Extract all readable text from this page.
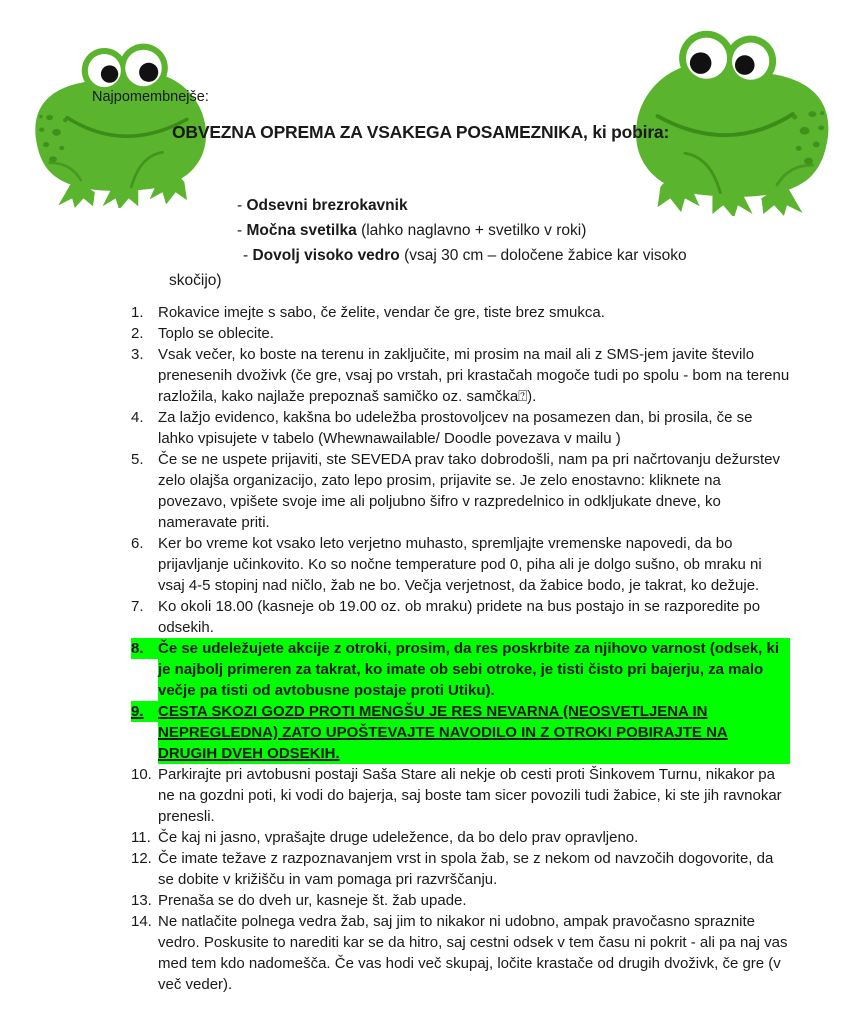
Najpomembnejše:
OBVEZNA OPREMA ZA VSAKEGA POSAMEZNIKA, ki pobira:
- Odsevni brezrokavnik
- Močna svetilka (lahko naglavno + svetilko v roki)
- Dovolj visoko vedro (vsaj 30 cm – določene žabice kar visoko
skočijo)
1. Rokavice imejte s sabo, če želite, vendar če gre, tiste brez smukca.
2. Toplo se oblecite.
3. Vsak večer, ko boste na terenu in zaključite, mi prosim na mail ali z SMS-jem javite število prenesenih dvoživk (če gre, vsaj po vrstah, pri krastačah mogoče tudi po spolu - bom na terenu razložila, kako najlaže prepoznaš samičko oz. samčka⍰).
4. Za lažjo evidenco, kakšna bo udeležba prostovoljcev na posamezen dan, bi prosila, če se lahko vpisujete v tabelo (Whewnawailable/ Doodle povezava v mailu )
5. Če se ne uspete prijaviti, ste SEVEDA prav tako dobrodošli, nam pa pri načrtovanju dežurstev zelo olajša organizacijo, zato lepo prosim, prijavite se. Je zelo enostavno: kliknete na povezavo, vpišete svoje ime ali poljubno šifro v razpredelnico in odkljukate dneve, ko nameravate priti.
6. Ker bo vreme kot vsako leto verjetno muhasto, spremljajte vremenske napovedi, da bo prijavljanje učinkovito. Ko so nočne temperature pod 0, piha ali je dolgo sušno, ob mraku ni vsaj 4-5 stopinj nad ničlo, žab ne bo. Večja verjetnost, da žabice bodo, je takrat, ko dežuje.
7. Ko okoli 18.00 (kasneje ob 19.00 oz. ob mraku) pridete na bus postajo in se razporedite po odsekih.
8. Če se udeležujete akcije z otroki, prosim, da res poskrbite za njihovo varnost (odsek, ki je najbolj primeren za takrat, ko imate ob sebi otroke, je tisti čisto pri bajerju, za malo večje pa tisti od avtobusne postaje proti Utiku).
9. CESTA SKOZI GOZD PROTI MENGŠU JE RES NEVARNA (NEOSVETLJENA IN NEPREGLEDNA) ZATO UPOŠTEVAJTE NAVODILO IN Z OTROKI POBIRAJTE NA DRUGIH DVEH ODSEKIH.
10. Parkirajte pri avtobusni postaji Saša Stare ali nekje ob cesti proti Šinkovem Turnu, nikakor pa ne na gozdni poti, ki vodi do bajerja, saj boste tam sicer povozili tudi žabice, ki ste jih ravnokar prenesli.
11. Če kaj ni jasno, vprašajte druge udeležence, da bo delo prav opravljeno.
12. Če imate težave z razpoznavanjem vrst in spola žab, se z nekom od navzočih dogovorite, da se dobite v križišču in vam pomaga pri razvrščanju.
13. Prenaša se do dveh ur, kasneje št. žab upade.
14. Ne natlačite polnega vedra žab, saj jim to nikakor ni udobno, ampak pravočasno spraznite vedro. Poskusite to narediti kar se da hitro, saj cestni odsek v tem času ni pokrit - ali pa naj vas med tem kdo nadomešča. Če vas hodi več skupaj, ločite krastače od drugih dvoživk, če gre (v več veder).
